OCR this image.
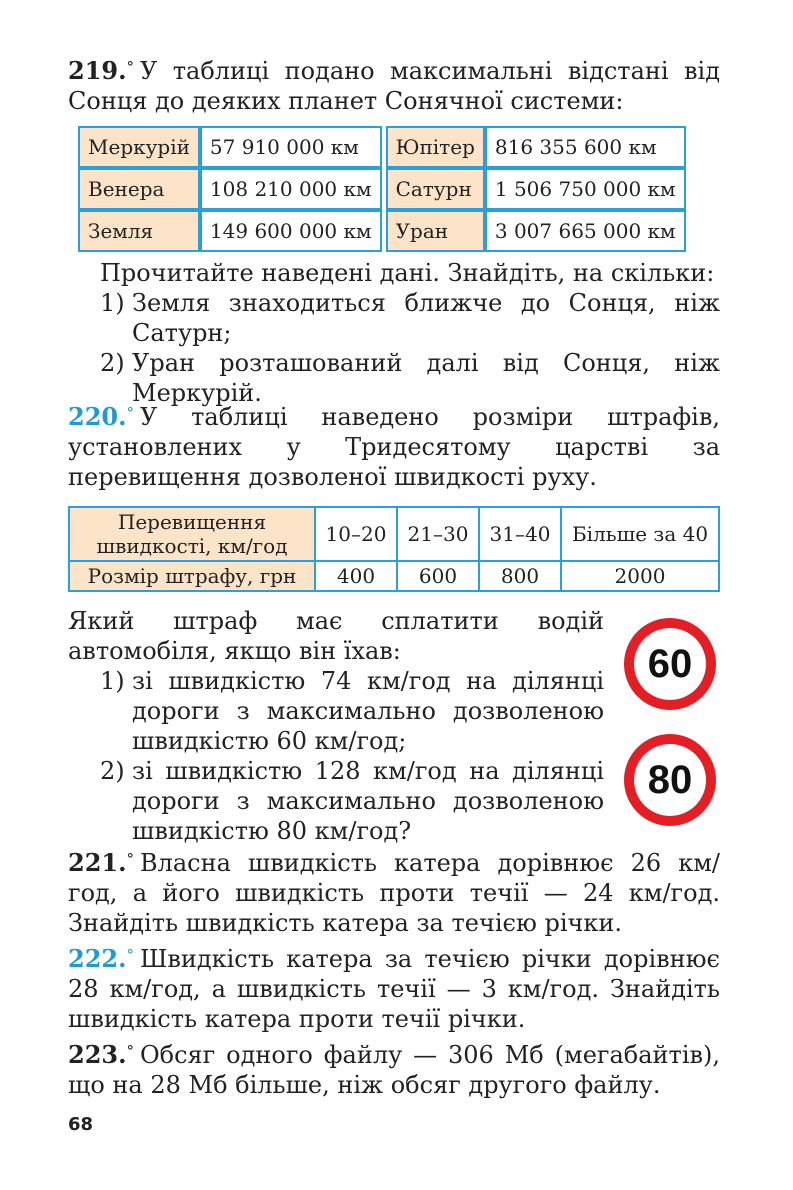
219.° У таблиці подано максимальні відстані від Сонця до деяких планет Сонячної системи:

Меркурій	57 910 000 км		Юпітер	816 355 600 км
Венера	108 210 000 км		Сатурн	1 506 750 000 км
Земля	149 600 000 км		Уран	3 007 665 000 км

Прочитайте наведені дані. Знайдіть, на скільки:

1) Земля знаходиться ближче до Сонця, ніж Сатурн;
2) Уран розташований далі від Сонця, ніж Меркурій.

220.° У таблиці наведено розміри штрафів, установлених у Тридесятому царстві за перевищення дозволеної швидкості руху.

Перевищення швидкості, км/год	10–20	21–30	31–40	Більше за 40
Розмір штрафу, грн	400	600	800	2000

Який штраф має сплатити водій автомобіля, якщо він їхав:

1) зі швидкістю 74 км/год на ділянці дороги з максимально дозволеною швидкістю 60 км/год;
2) зі швидкістю 128 км/год на ділянці дороги з максимально дозволеною швидкістю 80 км/год?
60
80

221.° Власна швидкість катера дорівнює 26 км/год, а його швидкість проти течії — 24 км/год. Знайдіть швидкість катера за течією річки.

222.° Швидкість катера за течією річки дорівнює 28 км/год, а швидкість течії — 3 км/год. Знайдіть швидкість катера проти течії річки.

223.° Обсяг одного файлу — 306 Мб (мегабайтів), що на 28 Мб більше, ніж обсяг другого файлу.

68
